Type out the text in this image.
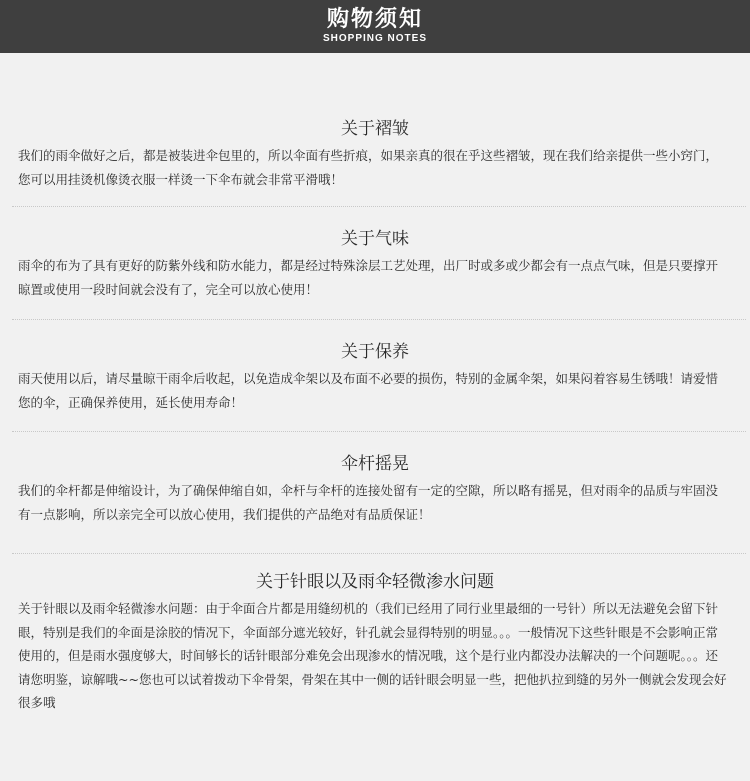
购物须知
SHOPPING NOTES
关于褶皱

我们的雨伞做好之后，都是被装进伞包里的，所以伞面有些折痕，如果亲真的很在乎这些褶皱，现在我们给亲提供一些小窍门，您可以用挂烫机像烫衣服一样烫一下伞布就会非常平滑哦！

关于气味

雨伞的布为了具有更好的防紫外线和防水能力，都是经过特殊涂层工艺处理，出厂时或多或少都会有一点点气味，但是只要撑开晾置或使用一段时间就会没有了，完全可以放心使用！

关于保养

雨天使用以后，请尽量晾干雨伞后收起，以免造成伞架以及布面不必要的损伤，特别的金属伞架，如果闷着容易生锈哦！请爱惜您的伞，正确保养使用，延长使用寿命！

伞杆摇晃

我们的伞杆都是伸缩设计，为了确保伸缩自如，伞杆与伞杆的连接处留有一定的空隙，所以略有摇晃，但对雨伞的品质与牢固没有一点影响，所以亲完全可以放心使用，我们提供的产品绝对有品质保证！

关于针眼以及雨伞轻微渗水问题

关于针眼以及雨伞轻微渗水问题：由于伞面合片都是用缝纫机的（我们已经用了同行业里最细的一号针）所以无法避免会留下针眼，特别是我们的伞面是涂胶的情况下，伞面部分遮光较好，针孔就会显得特别的明显。。。一般情况下这些针眼是不会影响正常使用的，但是雨水强度够大，时间够长的话针眼部分难免会出现渗水的情况哦，这个是行业内都没办法解决的一个问题呢。。。还请您明鉴，谅解哦~~您也可以试着拨动下伞骨架，骨架在其中一侧的话针眼会明显一些，把他扒拉到缝的另外一侧就会发现会好很多哦
